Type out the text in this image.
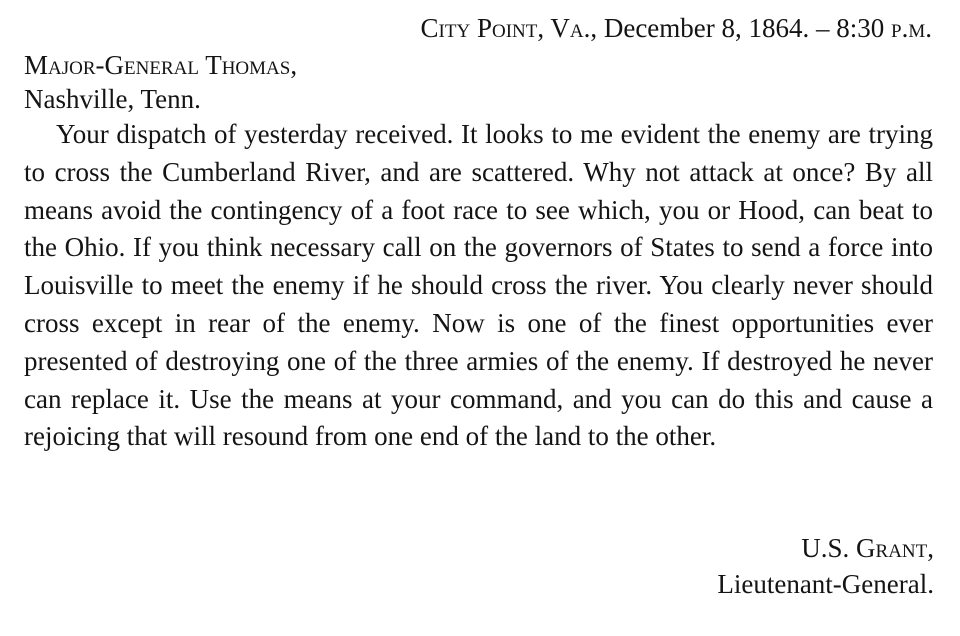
City Point, Va., December 8, 1864. – 8:30 p.m.
Major-General Thomas,
Nashville, Tenn.

Your dispatch of yesterday received. It looks to me evident the enemy are trying to cross the Cumberland River, and are scattered. Why not attack at once? By all means avoid the contingency of a foot race to see which, you or Hood, can beat to the Ohio. If you think necessary call on the governors of States to send a force into Louisville to meet the enemy if he should cross the river. You clearly never should cross except in rear of the enemy. Now is one of the finest opportunities ever presented of destroying one of the three armies of the enemy. If destroyed he never can replace it. Use the means at your command, and you can do this and cause a rejoicing that will resound from one end of the land to the other.

U.S. Grant,
Lieutenant-General.
